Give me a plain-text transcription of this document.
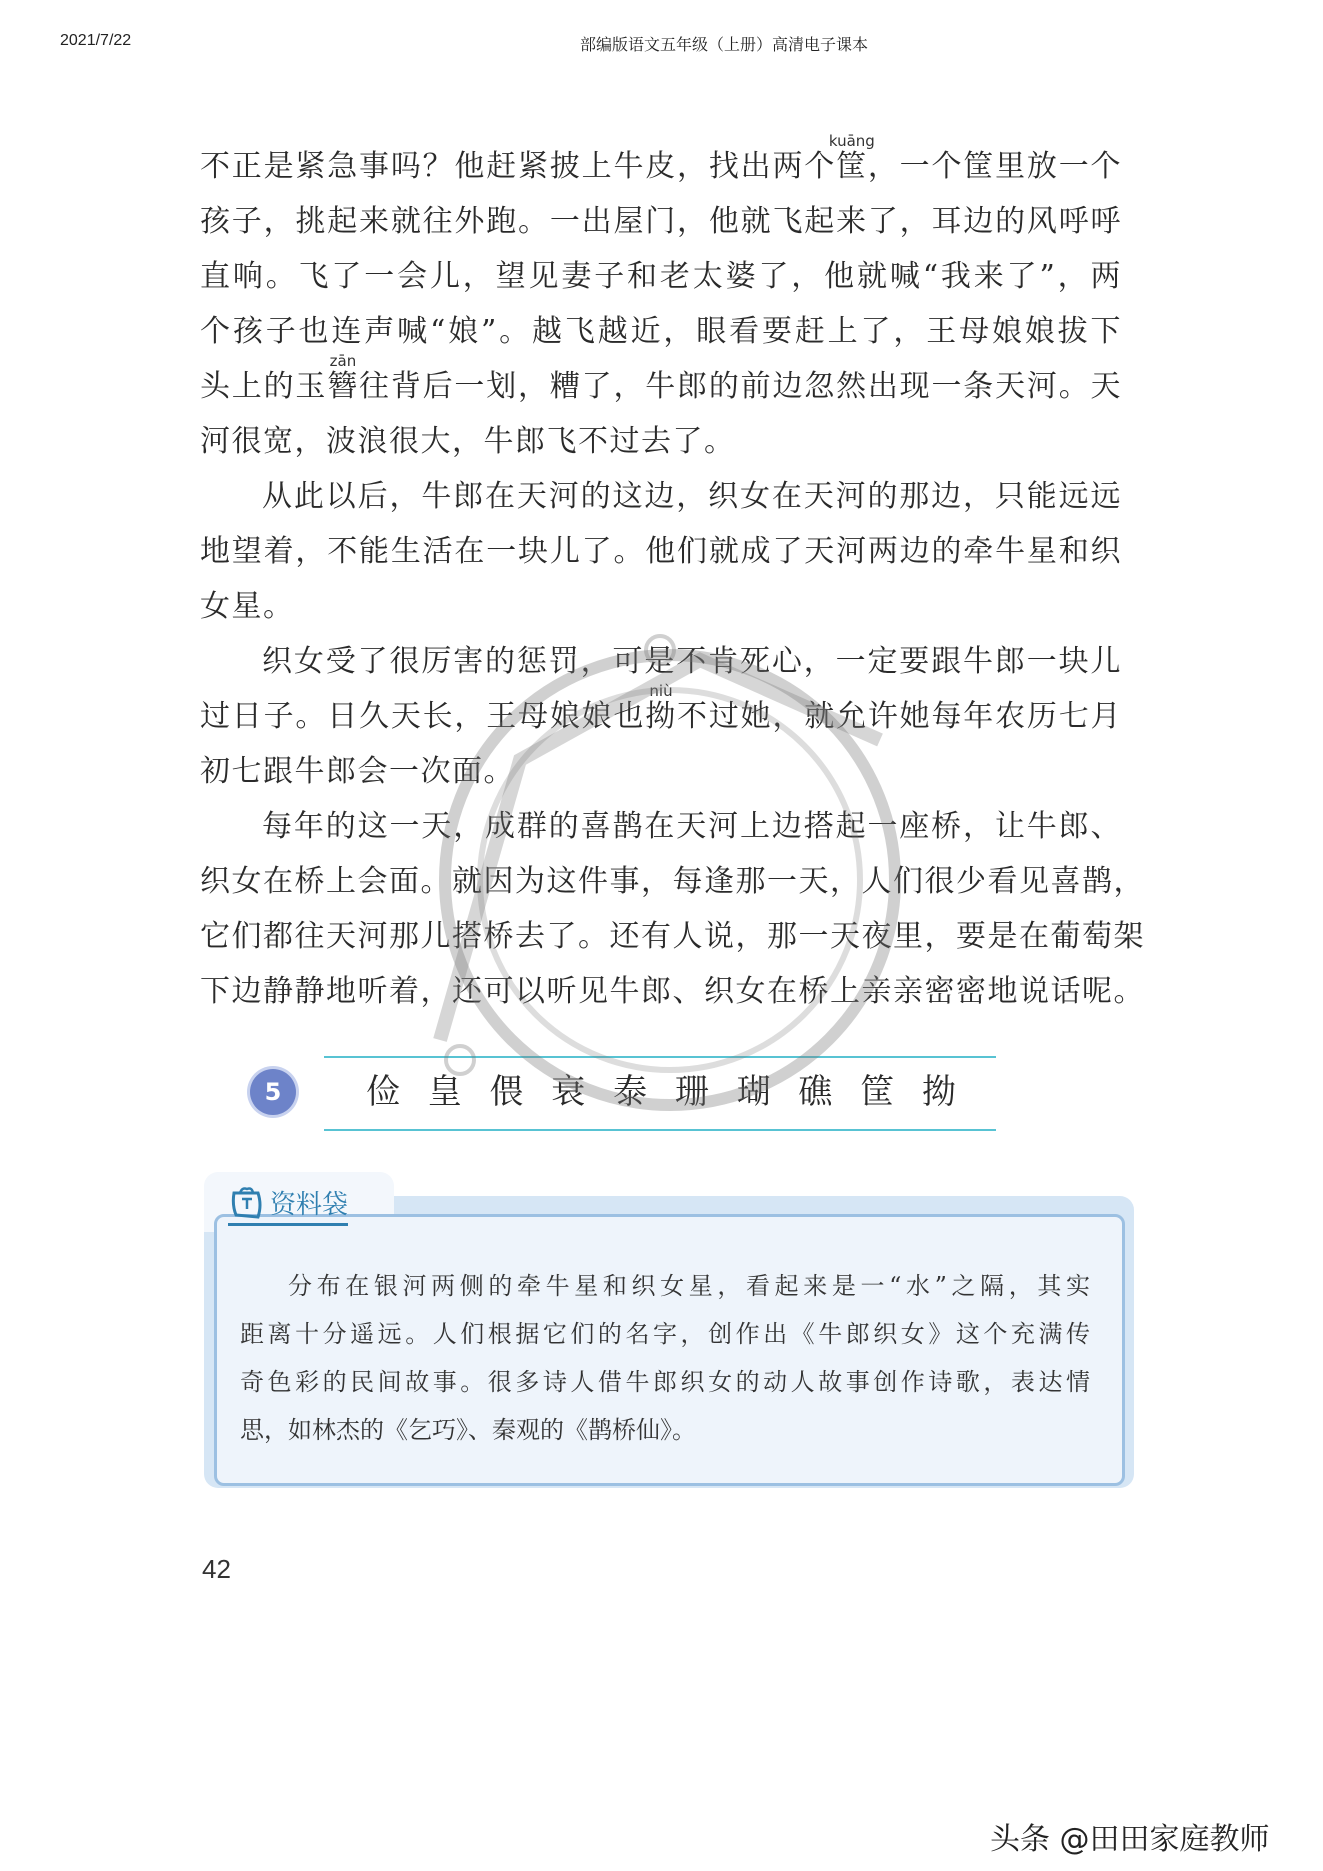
2021/7/22	部编版语文五年级（上册）高清电子课本
不正是紧急事吗？他赶紧披上牛皮，找出两个
kuāng
筐，一个筐里放一个
孩子，挑起来就往外跑。一出屋门，他就飞起来了，耳边的风呼呼
直响。飞了一会儿，望见妻子和老太婆了，他就喊“我来了”，两
个孩子也连声喊“娘”。越飞越近，眼看要赶上了，王母娘娘拔下
头上的玉
zān
簪往背后一划，糟了，牛郎的前边忽然出现一条天河。天
河很宽，波浪很大，牛郎飞不过去了。
从此以后，牛郎在天河的这边，织女在天河的那边，只能远远
地望着，不能生活在一块儿了。他们就成了天河两边的牵牛星和织
女星。
织女受了很厉害的惩罚，可是不肯死心，一定要跟牛郎一块儿
过日子。日久天长，王母娘娘也
niù
拗不过她，就允许她每年农历七月
初七跟牛郎会一次面。
每年的这一天，成群的喜鹊在天河上边搭起一座桥，让牛郎、
织女在桥上会面。就因为这件事，每逢那一天，人们很少看见喜鹊，
它们都往天河那儿搭桥去了。还有人说，那一天夜里，要是在葡萄架
下边静静地听着，还可以听见牛郎、织女在桥上亲亲密密地说话呢。
5	俭 皇 偎 衰 泰 珊 瑚 礁 筐 拗
资料袋
分布在银河两侧的牵牛星和织女星，看起来是一“水”之隔，其实
距离十分遥远。人们根据它们的名字，创作出《牛郎织女》这个充满传
奇色彩的民间故事。很多诗人借牛郎织女的动人故事创作诗歌，表达情
思，如林杰的《乞巧》、秦观的《鹊桥仙》。
42
头条 @田田家庭教师
